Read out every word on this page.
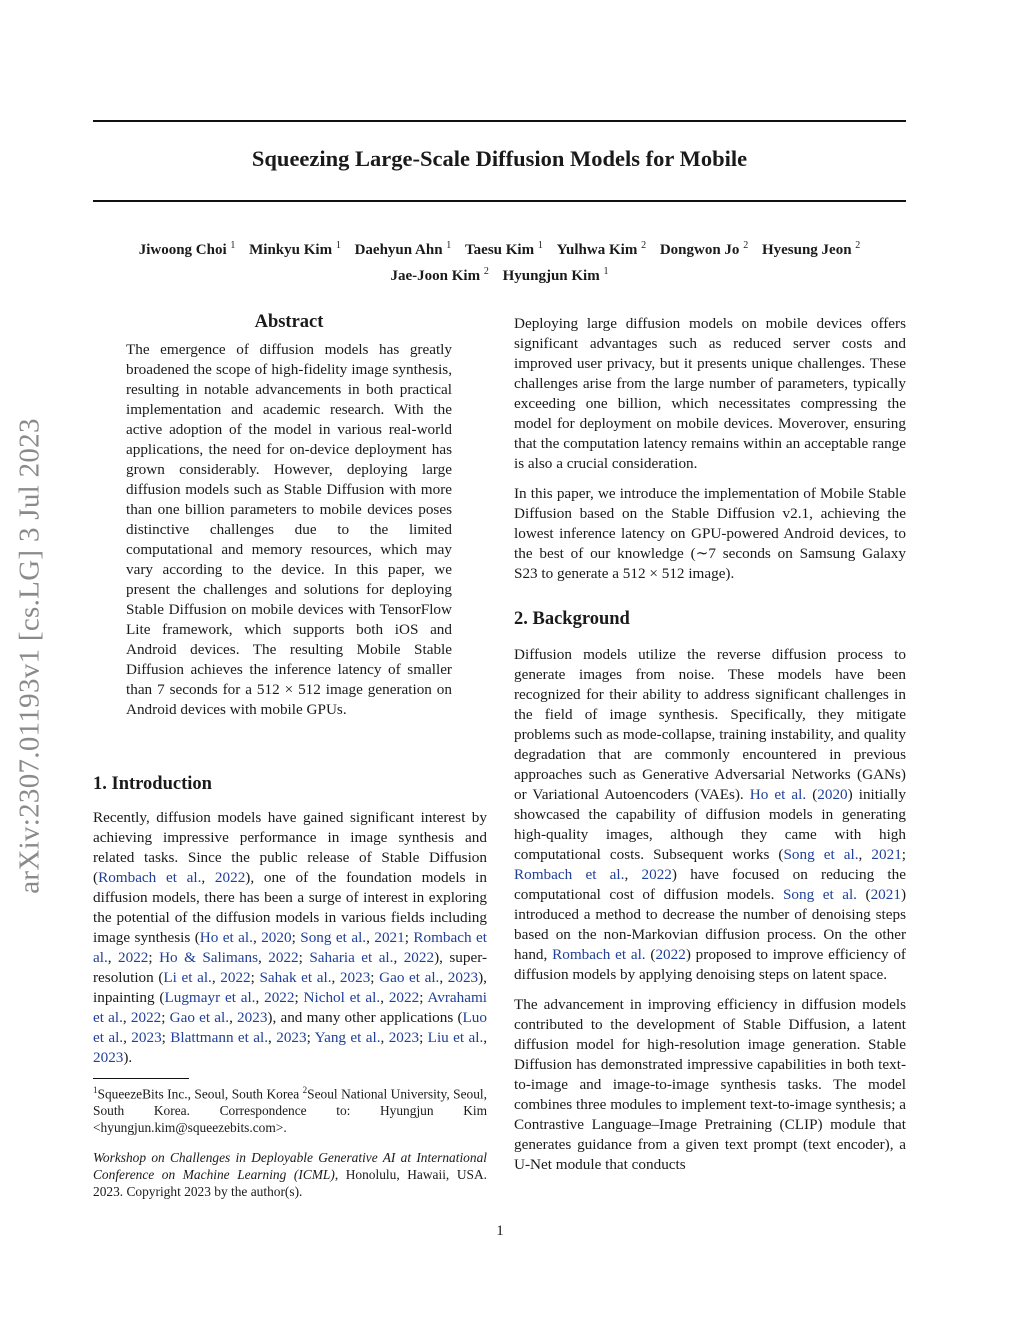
Squeezing Large-Scale Diffusion Models for Mobile
Jiwoong Choi $^1$ Minkyu Kim $^1$ Daehyun Ahn $^1$ Taesu Kim $^1$ Yulhwa Kim $^2$ Dongwon Jo $^2$ Hyesung Jeon $^2$
Jae-Joon Kim $^2$ Hyungjun Kim $^1$
arXiv:2307.01193v1 [cs.LG] 3 Jul 2023
Abstract

The emergence of diffusion models has greatly broadened the scope of high-fidelity image synthesis, resulting in notable advancements in both practical implementation and academic research. With the active adoption of the model in various real-world applications, the need for on-device deployment has grown considerably. However, deploying large diffusion models such as Stable Diffusion with more than one billion parameters to mobile devices poses distinctive challenges due to the limited computational and memory resources, which may vary according to the device. In this paper, we present the challenges and solutions for deploying Stable Diffusion on mobile devices with TensorFlow Lite framework, which supports both iOS and Android devices. The resulting Mobile Stable Diffusion achieves the inference latency of smaller than 7 seconds for a 512 × 512 image generation on Android devices with mobile GPUs.

1. Introduction

Recently, diffusion models have gained significant interest by achieving impressive performance in image synthesis and related tasks. Since the public release of Stable Diffusion (Rombach et al., 2022), one of the foundation models in diffusion models, there has been a surge of interest in exploring the potential of the diffusion models in various fields including image synthesis (Ho et al., 2020; Song et al., 2021; Rombach et al., 2022; Ho & Salimans, 2022; Saharia et al., 2022), super-resolution (Li et al., 2022; Sahak et al., 2023; Gao et al., 2023), inpainting (Lugmayr et al., 2022; Nichol et al., 2022; Avrahami et al., 2022; Gao et al., 2023), and many other applications (Luo et al., 2023; Blattmann et al., 2023; Yang et al., 2023; Liu et al., 2023).

$^1$SqueezeBits Inc., Seoul, South Korea $^2$Seoul National University, Seoul, South Korea. Correspondence to: Hyungjun Kim <hyungjun.kim@squeezebits.com>.
Workshop on Challenges in Deployable Generative AI at International Conference on Machine Learning (ICML), Honolulu, Hawaii, USA. 2023. Copyright 2023 by the author(s).

Deploying large diffusion models on mobile devices offers significant advantages such as reduced server costs and improved user privacy, but it presents unique challenges. These challenges arise from the large number of parameters, typically exceeding one billion, which necessitates compressing the model for deployment on mobile devices. Moverover, ensuring that the computation latency remains within an acceptable range is also a crucial consideration.

In this paper, we introduce the implementation of Mobile Stable Diffusion based on the Stable Diffusion v2.1, achieving the lowest inference latency on GPU-powered Android devices, to the best of our knowledge (∼7 seconds on Samsung Galaxy S23 to generate a 512 × 512 image).

2. Background

Diffusion models utilize the reverse diffusion process to generate images from noise. These models have been recognized for their ability to address significant challenges in the field of image synthesis. Specifically, they mitigate problems such as mode-collapse, training instability, and quality degradation that are commonly encountered in previous approaches such as Generative Adversarial Networks (GANs) or Variational Autoencoders (VAEs). Ho et al. (2020) initially showcased the capability of diffusion models in generating high-quality images, although they came with high computational costs. Subsequent works (Song et al., 2021; Rombach et al., 2022) have focused on reducing the computational cost of diffusion models. Song et al. (2021) introduced a method to decrease the number of denoising steps based on the non-Markovian diffusion process. On the other hand, Rombach et al. (2022) proposed to improve efficiency of diffusion models by applying denoising steps on latent space.

The advancement in improving efficiency in diffusion models contributed to the development of Stable Diffusion, a latent diffusion model for high-resolution image generation. Stable Diffusion has demonstrated impressive capabilities in both text-to-image and image-to-image synthesis tasks. The model combines three modules to implement text-to-image synthesis; a Contrastive Language–Image Pretraining (CLIP) module that generates guidance from a given text prompt (text encoder), a U-Net module that conducts

1
